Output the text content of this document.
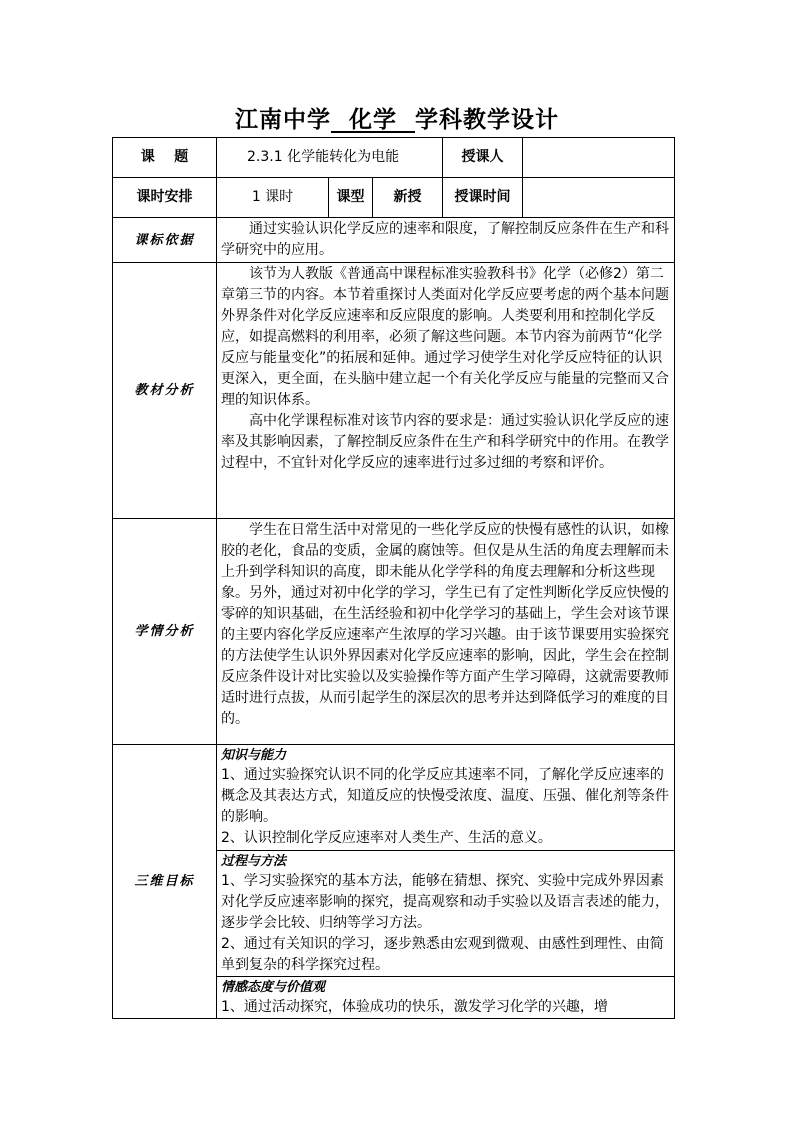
江南中学 化学 学科教学设计
课    题	2.3.1 化学能转化为电能			授课人	
课时安排	1 课时	课型	新授	授课时间	
课标依据	通过实验认识化学反应的速率和限度，了解控制反应条件在生产和科学研究中的应用。				

教材分析	该节为人教版《普通高中课程标准实验教科书》化学（必修2）第二章第三节的内容。本节着重探讨人类面对化学反应要考虑的两个基本问题 外界条件对化学反应速率和反应限度的影响。人类要利用和控制化学反应，如提高燃料的利用率，必须了解这些问题。本节内容为前两节“化学反应与能量变化”的拓展和延伸。通过学习使学生对化学反应特征的认识更深入，更全面，在头脑中建立起一个有关化学反应与能量的完整而又合理的知识体系。

高中化学课程标准对该节内容的要求是：通过实验认识化学反应的速率及其影响因素，了解控制反应条件在生产和科学研究中的作用。在教学过程中，不宜针对化学反应的速率进行过多过细的考察和评价。				

学情分析	学生在日常生活中对常见的一些化学反应的快慢有感性的认识，如橡胶的老化，食品的变质，金属的腐蚀等。但仅是从生活的角度去理解而未上升到学科知识的高度，即未能从化学学科的角度去理解和分析这些现象。另外，通过对初中化学的学习，学生已有了定性判断化学反应快慢的零碎的知识基础，在生活经验和初中化学学习的基础上，学生会对该节课的主要内容化学反应速率产生浓厚的学习兴趣。由于该节课要用实验探究的方法使学生认识外界因素对化学反应速率的影响，因此，学生会在控制反应条件设计对比实验以及实验操作等方面产生学习障碍，这就需要教师适时进行点拔，从而引起学生的深层次的思考并达到降低学习的难度的目的。				

三维目标	知识与能力

1、通过实验探究认识不同的化学反应其速率不同，了解化学反应速率的概念及其表达方式，知道反应的快慢受浓度、温度、压强、催化剂等条件的影响。

2、认识控制化学反应速率对人类生产、生活的意义。				

	过程与方法

1、学习实验探究的基本方法，能够在猜想、探究、实验中完成外界因素对化学反应速率影响的探究，提高观察和动手实验以及语言表述的能力，逐步学会比较、归纳等学习方法。

2、通过有关知识的学习，逐步熟悉由宏观到微观、由感性到理性、由简单到复杂的科学探究过程。				

	情感态度与价值观

1、通过活动探究，体验成功的快乐，激发学习化学的兴趣，增				
